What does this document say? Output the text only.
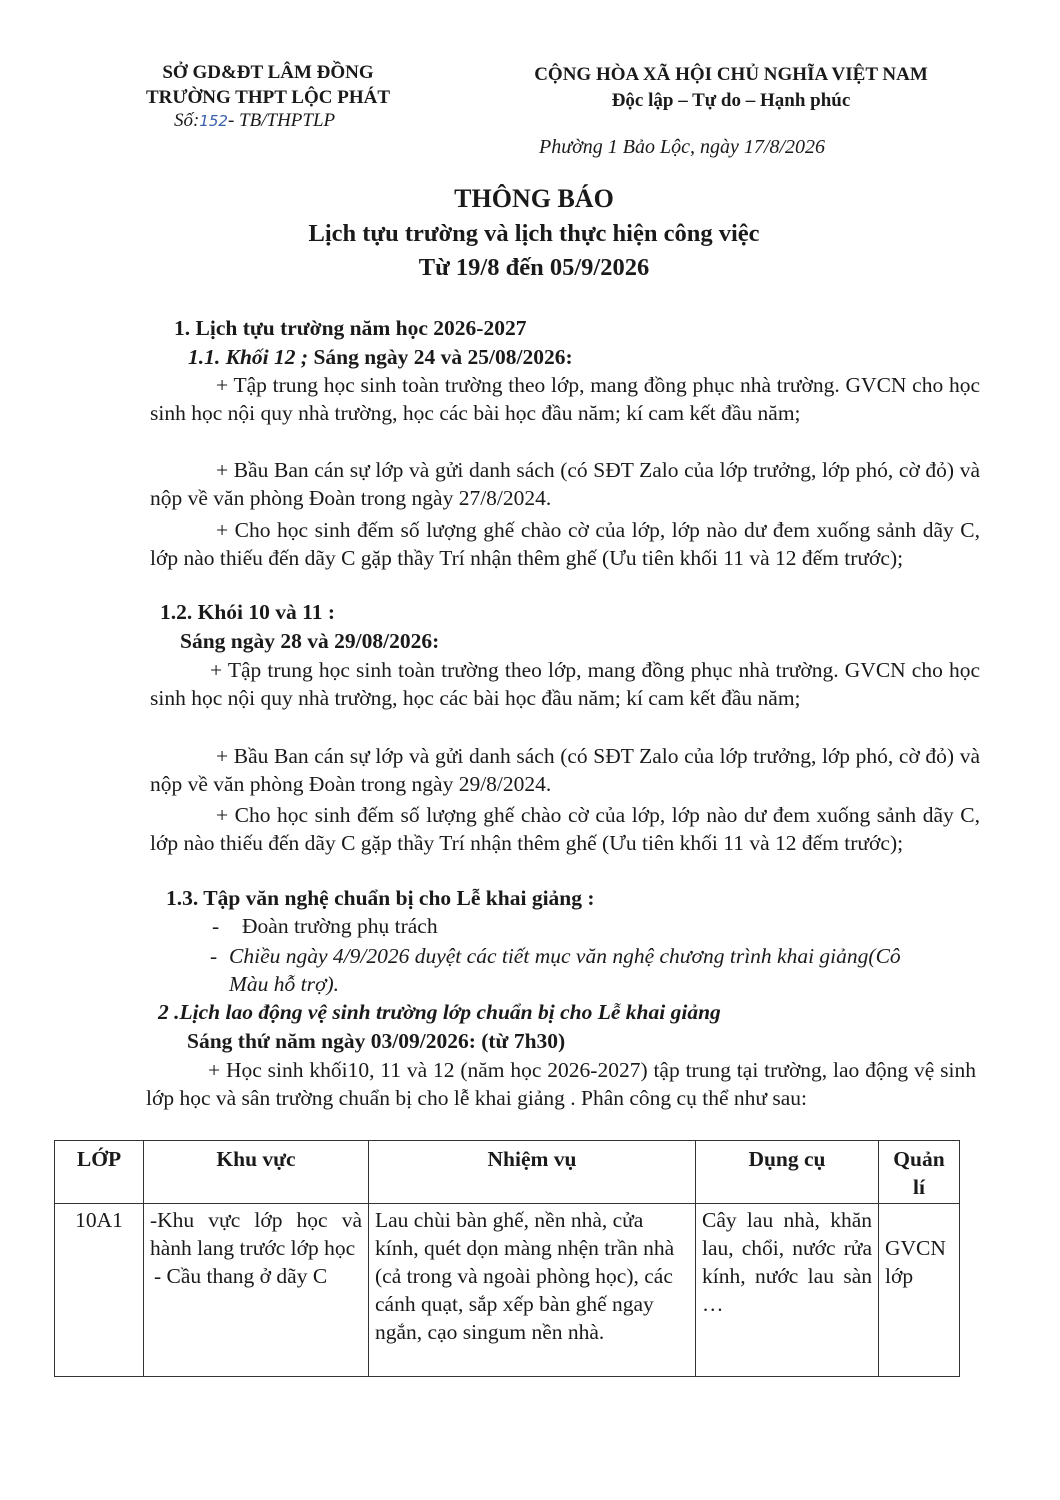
SỞ GD&ĐT LÂM ĐỒNG
TRƯỜNG THPT LỘC PHÁT
Số:152- TB/THPTLP
CỘNG HÒA XÃ HỘI CHỦ NGHĨA VIỆT NAM
Độc lập – Tự do – Hạnh phúc
Phường 1 Bảo Lộc, ngày 17/8/2026
THÔNG BÁO
Lịch tựu trường và lịch thực hiện công việc
Từ 19/8 đến 05/9/2026
1. Lịch tựu trường năm học 2026-2027
1.1. Khối 12 ; Sáng ngày 24 và 25/08/2026:
+ Tập trung học sinh toàn trường theo lớp, mang đồng phục nhà trường. GVCN cho học sinh học nội quy nhà trường, học các bài học đầu năm; kí cam kết đầu năm;
+ Bầu Ban cán sự lớp và gửi danh sách (có SĐT Zalo của lớp trưởng, lớp phó, cờ đỏ) và nộp về văn phòng Đoàn trong ngày 27/8/2024.
+ Cho học sinh đếm số lượng ghế chào cờ của lớp, lớp nào dư đem xuống sảnh dãy C, lớp nào thiếu đến dãy C gặp thầy Trí nhận thêm ghế (Ưu tiên khối 11 và 12 đếm trước);
1.2. Khói 10 và 11 :
Sáng ngày 28 và 29/08/2026:
+ Tập trung học sinh toàn trường theo lớp, mang đồng phục nhà trường. GVCN cho học sinh học nội quy nhà trường, học các bài học đầu năm; kí cam kết đầu năm;
+ Bầu Ban cán sự lớp và gửi danh sách (có SĐT Zalo của lớp trưởng, lớp phó, cờ đỏ) và nộp về văn phòng Đoàn trong ngày 29/8/2024.
+ Cho học sinh đếm số lượng ghế chào cờ của lớp, lớp nào dư đem xuống sảnh dãy C, lớp nào thiếu đến dãy C gặp thầy Trí nhận thêm ghế (Ưu tiên khối 11 và 12 đếm trước);
1.3. Tập văn nghệ chuẩn bị cho Lễ khai giảng :
- Đoàn trường phụ trách
- Chiều ngày 4/9/2026 duyệt các tiết mục văn nghệ chương trình khai giảng(Cô Màu hỗ trợ).
2 .Lịch lao động vệ sinh trường lớp chuẩn bị cho Lễ khai giảng
Sáng thứ năm ngày 03/09/2026: (từ 7h30)
+ Học sinh khối10, 11 và 12 (năm học 2026-2027) tập trung tại trường, lao động vệ sinh lớp học và sân trường chuẩn bị cho lễ khai giảng . Phân công cụ thể như sau:
LỚP	Khu vực	Nhiệm vụ	Dụng cụ	Quản lí
10A1	-Khu vực lớp học và hành lang trước lớp học
- Cầu thang ở dãy C	Lau chùi bàn ghế, nền nhà, cửa kính, quét dọn màng nhện trần nhà (cả trong và ngoài phòng học), các cánh quạt, sắp xếp bàn ghế ngay ngắn, cạo singum nền nhà.	Cây lau nhà, khăn lau, chổi, nước rửa kính, nước lau sàn …	GVCN lớp
